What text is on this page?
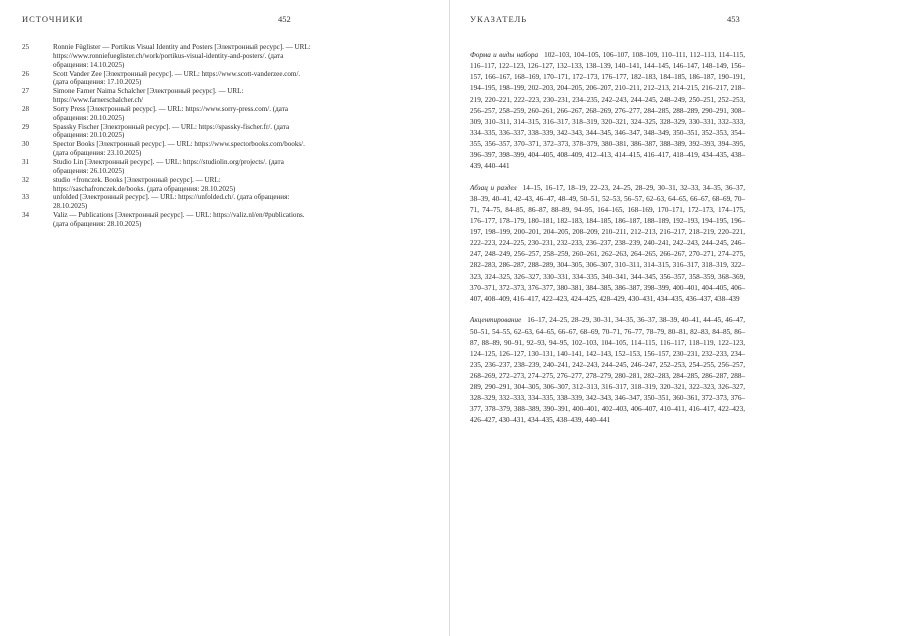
ИСТОЧНИКИ	452
25	Ronnie Füglister — Portikus Visual Identity and Posters [Электронный ресурс]. — URL: https://www.ronniefueglister.ch/work/portikus-visual-identity-and-posters/. (дата обращения: 14.10.2025)
26	Scott Vander Zee [Электронный ресурс]. — URL: https://www.scott-vanderzee.com/. (дата обращения: 17.10.2025)
27	Simone Farner Naima Schalcher [Электронный ресурс]. — URL: https://www.farnerschalcher.ch/
28	Sorry Press [Электронный ресурс]. — URL: https://www.sorry-press.com/. (дата обращения: 20.10.2025)
29	Spassky Fischer [Электронный ресурс]. — URL: https://spassky-fischer.fr/. (дата обращения: 20.10.2025)
30	Spector Books [Электронный ресурс]. — URL: https://www.spectorbooks.com/books/. (дата обращения: 23.10.2025)
31	Studio Lin [Электронный ресурс]. — URL: https://studiolin.org/projects/. (дата обращения: 26.10.2025)
32	studio +fronczek. Books [Электронный ресурс]. — URL: https://saschafronczek.de/books. (дата обращения: 28.10.2025)
33	unfolded [Электронный ресурс]. — URL: https://unfolded.ch/. (дата обращения: 28.10.2025)
34	Valiz — Publications [Электронный ресурс]. — URL: https://valiz.nl/en/#publications. (дата обращения: 28.10.2025)
УКАЗАТЕЛЬ	453

Форма и виды набора 102–103, 104–105, 106–107, 108–109, 110–111, 112–113, 114–115, 116–117, 122–123, 126–127, 132–133, 138–139, 140–141, 144–145, 146–147, 148–149, 156–157, 166–167, 168–169, 170–171, 172–173, 176–177, 182–183, 184–185, 186–187, 190–191, 194–195, 198–199, 202–203, 204–205, 206–207, 210–211, 212–213, 214–215, 216–217, 218–219, 220–221, 222–223, 230–231, 234–235, 242–243, 244–245, 248–249, 250–251, 252–253, 256–257, 258–259, 260–261, 266–267, 268–269, 276–277, 284–285, 288–289, 290–291, 308–309, 310–311, 314–315, 316–317, 318–319, 320–321, 324–325, 328–329, 330–331, 332–333, 334–335, 336–337, 338–339, 342–343, 344–345, 346–347, 348–349, 350–351, 352–353, 354–355, 356–357, 370–371, 372–373, 378–379, 380–381, 386–387, 388–389, 392–393, 394–395, 396–397, 398–399, 404–405, 408–409, 412–413, 414–415, 416–417, 418–419, 434–435, 438–439, 440–441

Абзац и раздел 14–15, 16–17, 18–19, 22–23, 24–25, 28–29, 30–31, 32–33, 34–35, 36–37, 38–39, 40–41, 42–43, 46–47, 48–49, 50–51, 52–53, 56–57, 62–63, 64–65, 66–67, 68–69, 70–71, 74–75, 84–85, 86–87, 88–89, 94–95, 164–165, 168–169, 170–171, 172–173, 174–175, 176–177, 178–179, 180–181, 182–183, 184–185, 186–187, 188–189, 192–193, 194–195, 196–197, 198–199, 200–201, 204–205, 208–209, 210–211, 212–213, 216–217, 218–219, 220–221, 222–223, 224–225, 230–231, 232–233, 236–237, 238–239, 240–241, 242–243, 244–245, 246–247, 248–249, 256–257, 258–259, 260–261, 262–263, 264–265, 266–267, 270–271, 274–275, 282–283, 286–287, 288–289, 304–305, 306–307, 310–311, 314–315, 316–317, 318–319, 322–323, 324–325, 326–327, 330–331, 334–335, 340–341, 344–345, 356–357, 358–359, 368–369, 370–371, 372–373, 376–377, 380–381, 384–385, 386–387, 398–399, 400–401, 404–405, 406–407, 408–409, 416–417, 422–423, 424–425, 428–429, 430–431, 434–435, 436–437, 438–439

Акцентирование 16–17, 24–25, 28–29, 30–31, 34–35, 36–37, 38–39, 40–41, 44–45, 46–47, 50–51, 54–55, 62–63, 64–65, 66–67, 68–69, 70–71, 76–77, 78–79, 80–81, 82–83, 84–85, 86–87, 88–89, 90–91, 92–93, 94–95, 102–103, 104–105, 114–115, 116–117, 118–119, 122–123, 124–125, 126–127, 130–131, 140–141, 142–143, 152–153, 156–157, 230–231, 232–233, 234–235, 236–237, 238–239, 240–241, 242–243, 244–245, 246–247, 252–253, 254–255, 256–257, 268–269, 272–273, 274–275, 276–277, 278–279, 280–281, 282–283, 284–285, 286–287, 288–289, 290–291, 304–305, 306–307, 312–313, 316–317, 318–319, 320–321, 322–323, 326–327, 328–329, 332–333, 334–335, 338–339, 342–343, 346–347, 350–351, 360–361, 372–373, 376–377, 378–379, 388–389, 390–391, 400–401, 402–403, 406–407, 410–411, 416–417, 422–423, 426–427, 430–431, 434–435, 438–439, 440–441
